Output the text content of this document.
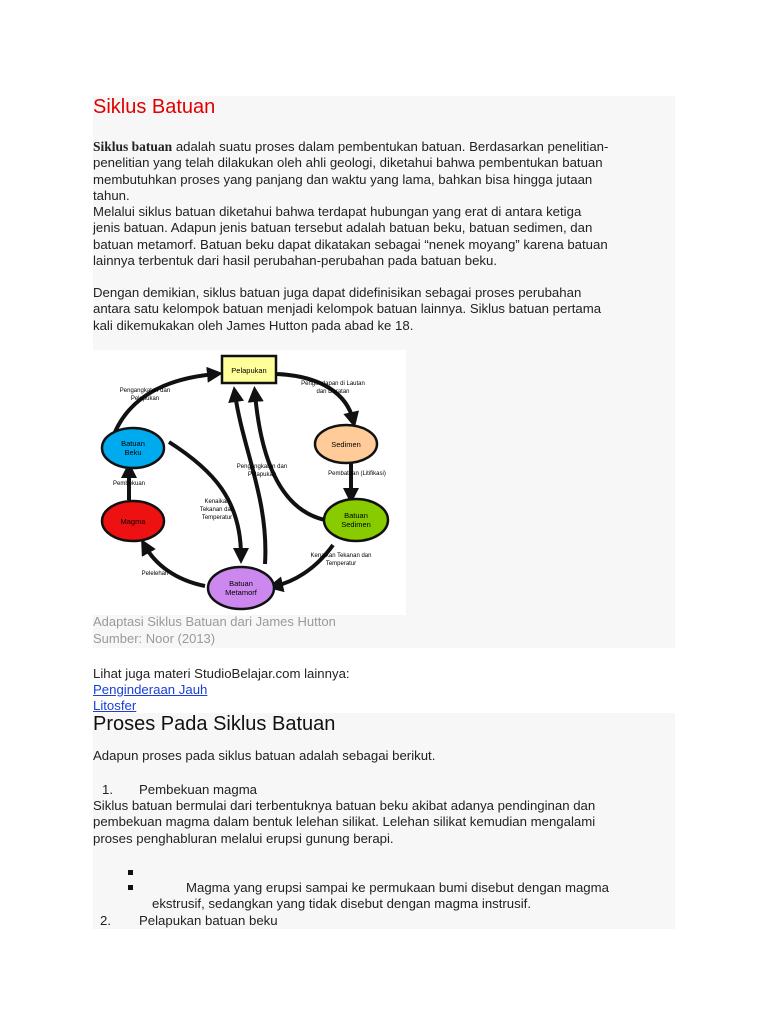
Siklus Batuan
Siklus batuan adalah suatu proses dalam pembentukan batuan. Berdasarkan penelitian-
penelitian yang telah dilakukan oleh ahli geologi, diketahui bahwa pembentukan batuan
membutuhkan proses yang panjang dan waktu yang lama, bahkan bisa hingga jutaan
tahun.
Melalui siklus batuan diketahui bahwa terdapat hubungan yang erat di antara ketiga
jenis batuan. Adapun jenis batuan tersebut adalah batuan beku, batuan sedimen, dan
batuan metamorf. Batuan beku dapat dikatakan sebagai “nenek moyang” karena batuan
lainnya terbentuk dari hasil perubahan-perubahan pada batuan beku.
Dengan demikian, siklus batuan juga dapat didefinisikan sebagai proses perubahan
antara satu kelompok batuan menjadi kelompok batuan lainnya. Siklus batuan pertama
kali dikemukakan oleh James Hutton pada abad ke 18.
Pelapukan
Batuan
Beku
Sedimen
Magma
Batuan
Sedimen
Batuan
Metamorf
Pengangkatan dan
Pelapukan
Pengendapan di Lautan
dan Daratan
Pembatuan (Litifikasi)
Pembekuan
Pengangkatan dan
Pelapukan
Kenaikan
Tekanan dan
Temperatur
Kenaikan Tekanan dan
Temperatur
Pelelehan
Adaptasi Siklus Batuan dari James Hutton
Sumber: Noor (2013)
Lihat juga materi StudioBelajar.com lainnya:
Penginderaan Jauh
Litosfer
Proses Pada Siklus Batuan
Adapun proses pada siklus batuan adalah sebagai berikut.
1. Pembekuan magma
Siklus batuan bermulai dari terbentuknya batuan beku akibat adanya pendinginan dan
pembekuan magma dalam bentuk lelehan silikat. Lelehan silikat kemudian mengalami
proses penghabluran melalui erupsi gunung berapi.
Magma yang erupsi sampai ke permukaan bumi disebut dengan magma
ekstrusif, sedangkan yang tidak disebut dengan magma instrusif.
2. Pelapukan batuan beku
